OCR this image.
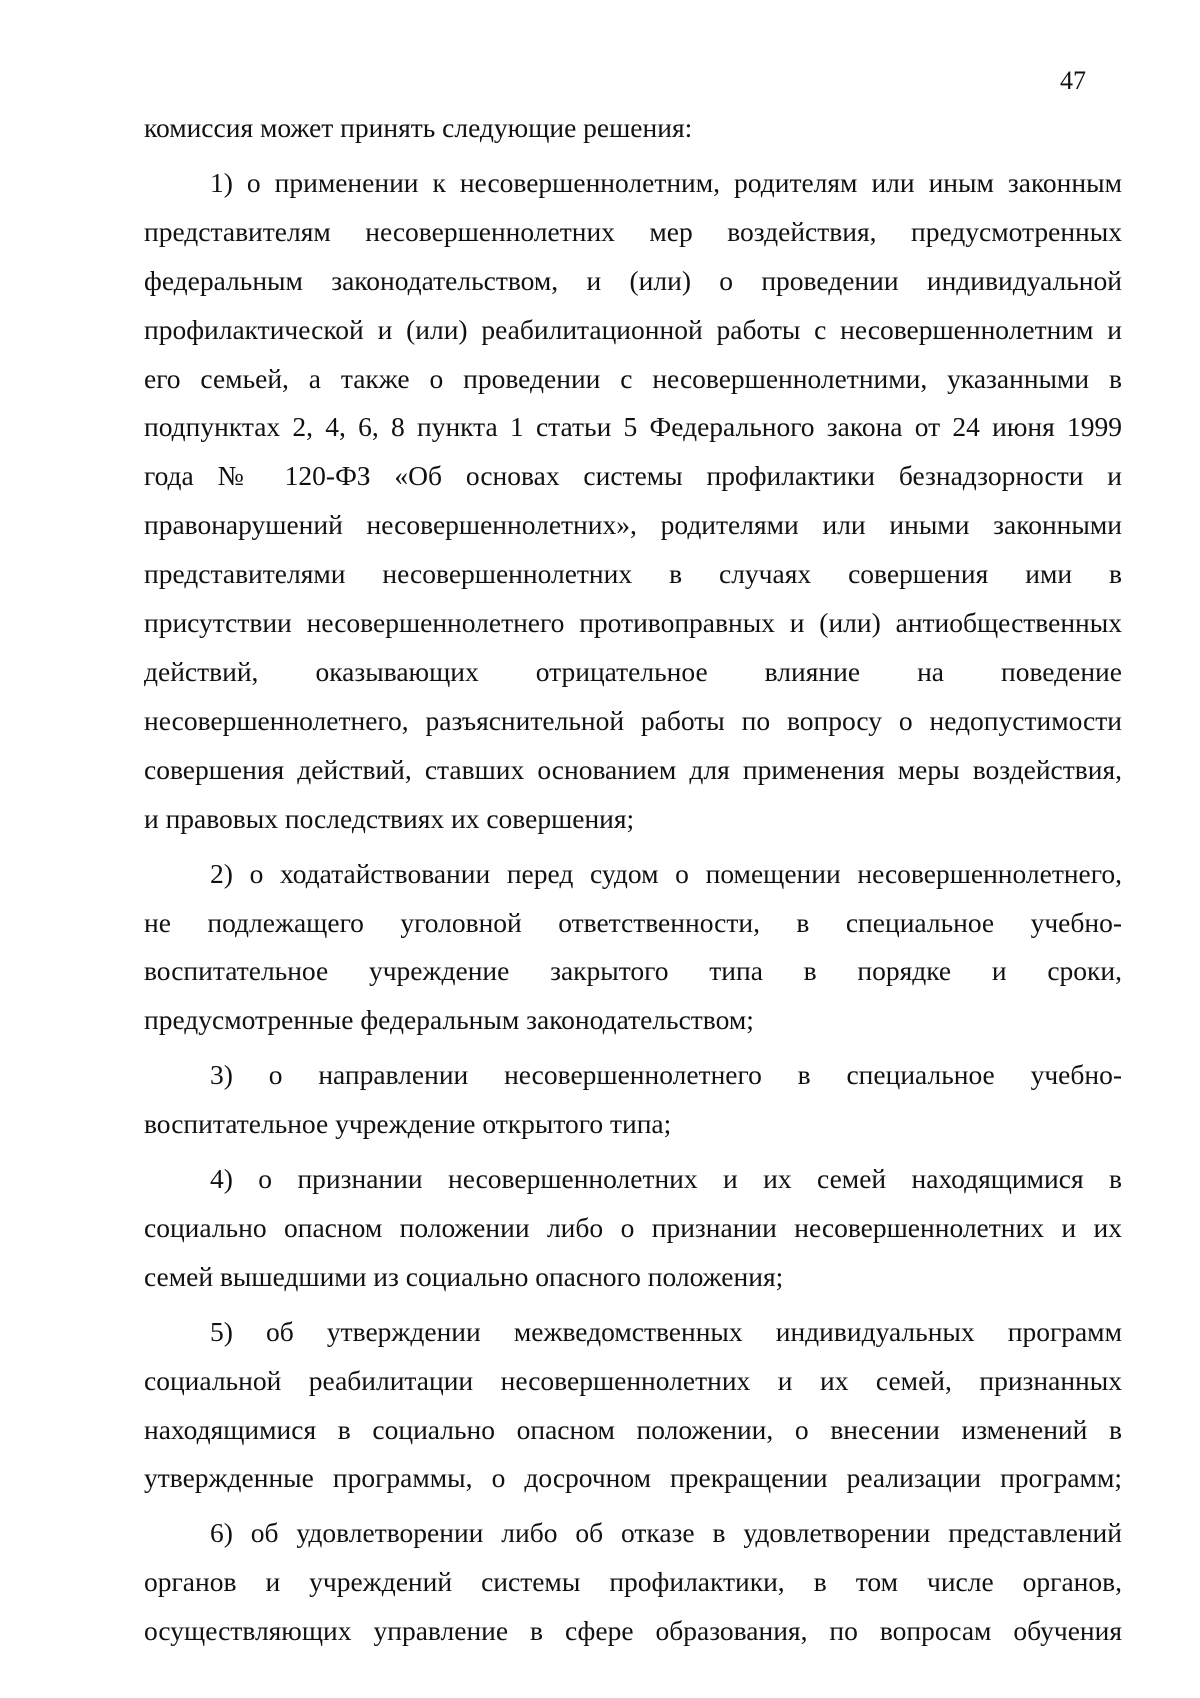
47
комиссия может принять следующие решения:
1) о применении к несовершеннолетним, родителям или иным законным
представителям несовершеннолетних мер воздействия, предусмотренных
федеральным законодательством, и (или) о проведении индивидуальной
профилактической и (или) реабилитационной работы с несовершеннолетним и
его семьей, а также о проведении с несовершеннолетними, указанными в
подпунктах 2, 4, 6, 8 пункта 1 статьи 5 Федерального закона от 24 июня 1999
года № 120-ФЗ «Об основах системы профилактики безнадзорности и
правонарушений несовершеннолетних», родителями или иными законными
представителями несовершеннолетних в случаях совершения ими в
присутствии несовершеннолетнего противоправных и (или) антиобщественных
действий, оказывающих отрицательное влияние на поведение
несовершеннолетнего, разъяснительной работы по вопросу о недопустимости
совершения действий, ставших основанием для применения меры воздействия,
и правовых последствиях их совершения;
2) о ходатайствовании перед судом о помещении несовершеннолетнего,
не подлежащего уголовной ответственности, в специальное учебно-
воспитательное учреждение закрытого типа в порядке и сроки,
предусмотренные федеральным законодательством;
3) о направлении несовершеннолетнего в специальное учебно-
воспитательное учреждение открытого типа;
4) о признании несовершеннолетних и их семей находящимися в
социально опасном положении либо о признании несовершеннолетних и их
семей вышедшими из социально опасного положения;
5) об утверждении межведомственных индивидуальных программ
социальной реабилитации несовершеннолетних и их семей, признанных
находящимися в социально опасном положении, о внесении изменений в
утвержденные программы, о досрочном прекращении реализации программ;
6) об удовлетворении либо об отказе в удовлетворении представлений
органов и учреждений системы профилактики, в том числе органов,
осуществляющих управление в сфере образования, по вопросам обучения
